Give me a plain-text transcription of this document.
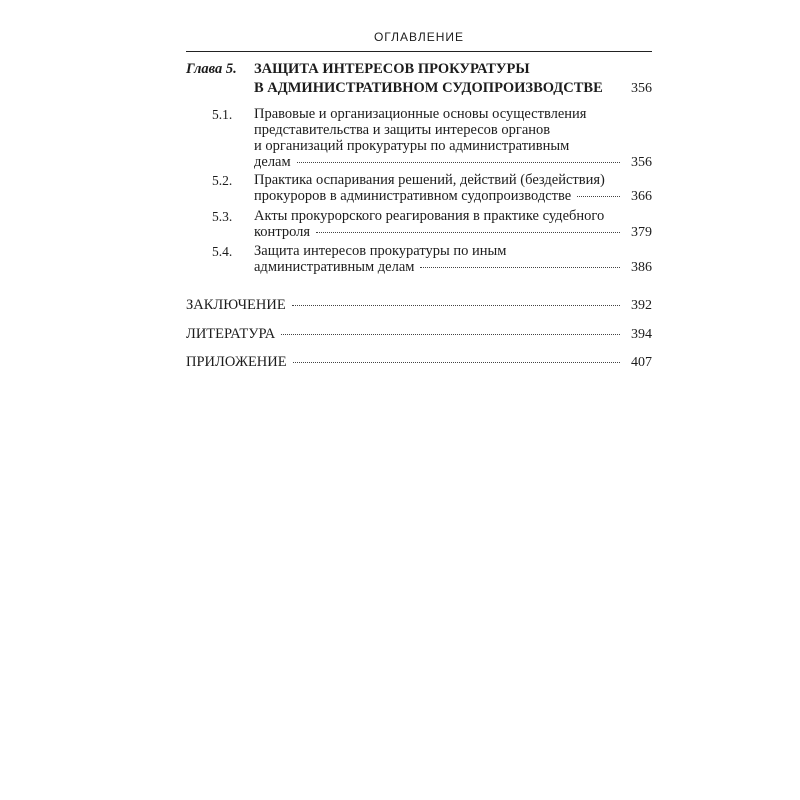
ОГЛАВЛЕНИЕ
Глава 5. ЗАЩИТА ИНТЕРЕСОВ ПРОКУРАТУРЫ
В АДМИНИСТРАТИВНОМ СУДОПРОИЗВОДСТВЕ	356
5.1. Правовые и организационные основы осуществления
представительства и защиты интересов органов
и организаций прокуратуры по административным
делам	356
5.2. Практика оспаривания решений, действий (бездействия)
прокуроров в административном судопроизводстве	366
5.3. Акты прокурорского реагирования в практике судебного
контроля	379
5.4. Защита интересов прокуратуры по иным
административным делам	386
ЗАКЛЮЧЕНИЕ	392
ЛИТЕРАТУРА	394
ПРИЛОЖЕНИЕ	407
